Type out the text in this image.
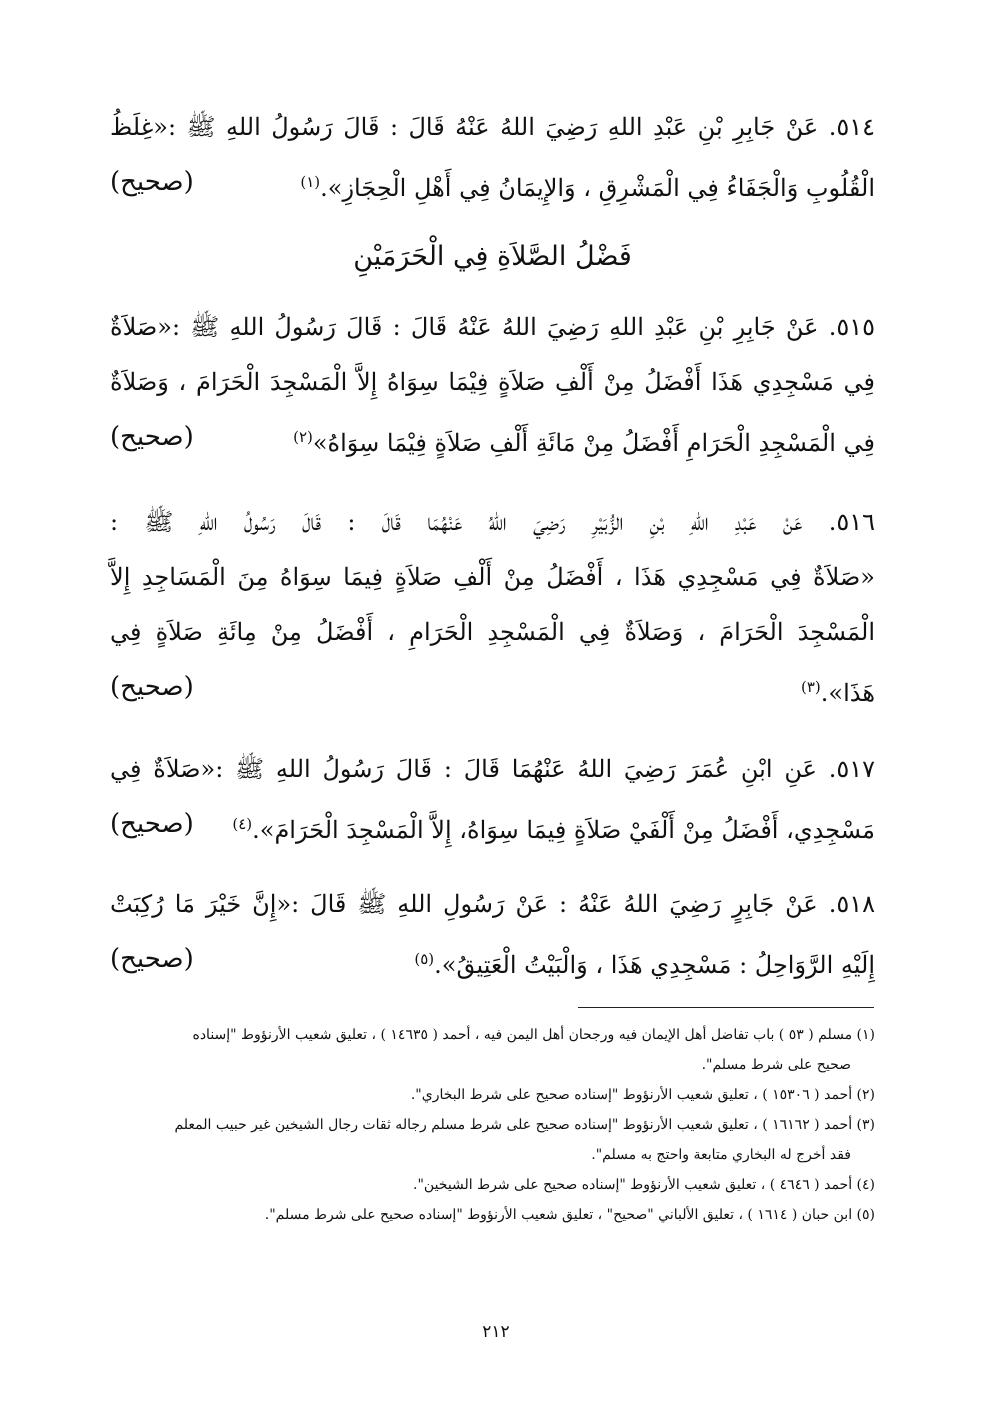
٥١٤. عَنْ جَابِرِ بْنِ عَبْدِ اللهِ رَضِيَ اللهُ عَنْهُ قَالَ : قَالَ رَسُولُ اللهِ ﷺ :«غِلَظُ
الْقُلُوبِ وَالْجَفَاءُ فِي الْمَشْرِقِ ، وَالإِيمَانُ فِي أَهْلِ الْحِجَازِ».$^{(١)}$
(صحيح)
فَضْلُ الصَّلاَةِ فِي الْحَرَمَيْنِ
٥١٥. عَنْ جَابِرِ بْنِ عَبْدِ اللهِ رَضِيَ اللهُ عَنْهُ قَالَ : قَالَ رَسُولُ اللهِ ﷺ :«صَلاَةٌ
فِي مَسْجِدِي هَذَا أَفْضَلُ مِنْ أَلْفِ صَلاَةٍ فِيْمَا سِوَاهُ إِلاَّ الْمَسْجِدَ الْحَرَامَ ، وَصَلاَةٌ
فِي الْمَسْجِدِ الْحَرَامِ أَفْضَلُ مِنْ مَائَةِ أَلْفِ صَلاَةٍ فِيْمَا سِوَاهُ»$^{(٢)}$
(صحيح)
٥١٦. عَنْ عَبْدِ اللهِ بْنِ الزُّبَيْرِ رَضِيَ اللهُ عَنْهُمَا قَالَ : قَالَ رَسُولُ اللهِ ﷺ :
«صَلاَةٌ فِي مَسْجِدِي هَذَا ، أَفْضَلُ مِنْ أَلْفِ صَلاَةٍ فِيمَا سِوَاهُ مِنَ الْمَسَاجِدِ إِلاَّ
الْمَسْجِدَ الْحَرَامَ ، وَصَلاَةٌ فِي الْمَسْجِدِ الْحَرَامِ ، أَفْضَلُ مِنْ مِائَةِ صَلاَةٍ فِي
هَذَا».$^{(٣)}$
(صحيح)
٥١٧. عَنِ ابْنِ عُمَرَ رَضِيَ اللهُ عَنْهُمَا قَالَ : قَالَ رَسُولُ اللهِ ﷺ :«صَلاَةٌ فِي
مَسْجِدِي، أَفْضَلُ مِنْ أَلْفَيْ صَلاَةٍ فِيمَا سِوَاهُ، إِلاَّ الْمَسْجِدَ الْحَرَامَ».$^{(٤)}$
(صحيح)
٥١٨. عَنْ جَابِرٍ رَضِيَ اللهُ عَنْهُ : عَنْ رَسُولِ اللهِ ﷺ قَالَ :«إِنَّ خَيْرَ مَا رُكِبَتْ
إِلَيْهِ الرَّوَاحِلُ : مَسْجِدِي هَذَا ، وَالْبَيْتُ الْعَتِيقُ».$^{(٥)}$
(صحيح)
(١) مسلم ( ٥٣ ) باب تفاضل أهل الإيمان فيه ورجحان أهل اليمن فيه ، أحمد ( ١٤٦٣٥ ) ، تعليق شعيب الأرنؤوط "إسناده
صحيح على شرط مسلم".
(٢) أحمد ( ١٥٣٠٦ ) ، تعليق شعيب الأرنؤوط "إسناده صحيح على شرط البخاري".
(٣) أحمد ( ١٦١٦٢ ) ، تعليق شعيب الأرنؤوط "إسناده صحيح على شرط مسلم رجاله ثقات رجال الشيخين غير حبيب المعلم
فقد أخرج له البخاري متابعة واحتج به مسلم".
(٤) أحمد ( ٤٦٤٦ ) ، تعليق شعيب الأرنؤوط "إسناده صحيح على شرط الشيخين".
(٥) ابن حبان ( ١٦١٤ ) ، تعليق الألباني "صحيح" ، تعليق شعيب الأرنؤوط "إسناده صحيح على شرط مسلم".
٢١٢
